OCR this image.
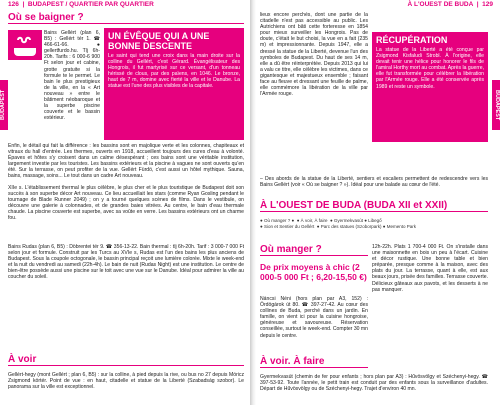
126  |  BUDAPEST / QUARTIER PAR QUARTIER	À L'OUEST DE BUDA  |  129
Où se baigner ?
Bains Gellért (plan 6, B5) : Gellért tér 1. ☎ 466-61-66. ● gellertfurdo.hu. Tlj 6h-20h. Tarifs : 6 000-6 900 Ft selon jour et cabine, grotte gratuite si la formule te le permet. Le bain le plus prestigieux de la ville, en la « Art nouveau » entre le bâtiment néobaroque et la superbe piscine couverte et le bassin extérieur.
UN ÉVÊQUE QUI A UNE BONNE DESCENTE
Le saint qui tend une croix dans la main droite sur la colline du Gellért, c'est Gérard. Évangélisateur des Hongrois, il fut martyrisé sur ce versant, d'un tonneau hérissé de clous, par des païens, en 1046. Le bronze, haut de 7 m, domine avec fierté la ville et le Danube. La statue est l'une des plus visibles de la capitale.
Enfin, le détail qui fait la différence : les bassins sont en majolique verte et les colonnes, chapiteaux et vitraux du hall d'entrée. Les thermes, ouverts en 1918, accueillent toujours des cures d'eau à volonté. Épaves et hôtes s'y croisent dans un calme désespérant ; ces bains sont une véritable institution, largement investie par les touristes. Les bassins extérieurs et la piscine à vagues ne sont ouverts qu'en été. Sur la terrasse, on peut profiter de la vue. Gellért Fürdö, c'est aussi un hôtel mythique. Sauna, bains, massage, soins... Le tout dans un cadre Art nouveau.
XIIe s. L'établissement thermal le plus célèbre, le plus cher et le plus touristique de Budapest doit son succès à son superbe décor Art nouveau. Ce lieu accueillait les stars (comme Ryan Gosling pendant le tournage de Blade Runner 2049) ; on y a tourné quelques scènes de films. Dans le vestibule, on découvre une galerie à colonnades, et de grandes baies vitrées. Au centre, le bain d'eau thermale chaude. La piscine couverte est superbe, avec sa voûte en verre. Les bassins extérieurs ont un charme fou.
Bains Rudas (plan 6, B5) : Döbrentei tér 9. ☎ 356-13-22. Bain thermal : tlj 6h-20h. Tarif : 3 000-7 000 Ft selon jour et formule. Construit par les Turcs au XVIe s, Rudas est l'un des bains les plus anciens de Budapest. Sous la coupole octogonale, le bassin principal reçoit une lumière colorée. Mixte le week-end et la nuit du vendredi au samedi (22h-4h). Le bain de nuit (Rudas Night) est une institution. Le centre de bien-être possède aussi une piscine sur le toit avec une vue sur le Danube. Idéal pour admirer la ville au coucher du soleil.
À voir
Gellért-hegy (mont Gellért ; plan 6, B5) : sur la colline, à pied depuis la rive, ou bus no 27 depuis Móricz Zsigmond körtér. Point de vue : en haut, citadelle et statue de la Liberté (Szabadság szobor). Le panorama sur la ville est exceptionnel.
BUDAPEST
lieux encore perchés, dont une partie de la citadelle n'est pas accessible au public. Les Autrichiens ont bâti cette forteresse en 1854 pour mieux surveiller les Hongrois. Pas de doute, c'était le but choisi, la vue en a fait (235 m) et impressionnante. Depuis 1947, elle a dressé la statue de la Liberté, devenue l'un des symboles de Budapest. Du haut de ses 14 m, elle a dû être réinterprétée. Depuis 2013 qui lui a valu ce titre, elle célèbre les victimes, dans ce gigantesque et majestueux ensemble ; faisant face au fleuve et dressant une feuille de palme, elle commémore la libération de la ville par l'Armée rouge.
RÉCUPÉRATION
La statue de la Liberté a été conçue par Zsigmond Kisfaludi Strobl. À l'origine, elle devait tenir une hélice pour honorer le fils de l'amiral Horthy mort au combat. Après la guerre, elle fut transformée pour célébrer la libération par l'Armée rouge. Elle a été conservée après 1989 et reste un symbole.
– Des abords de la statue de la Liberté, sentiers et escaliers permettent de redescendre vers les Bains Gellért (voir « Où se baigner ? »). Idéal pour une balade au cœur de l'été.
À L'OUEST DE BUDA (BUDA XII et XXII)
● Où manger ? ● ● À voir, À faire ● Gyermekvasút ● Libegő
● Sion et Sentier du Gellért ● Parc des statues (Szoborpark) ● Memento Park
Où manger ?
De prix moyens à chic (2 000-5 000 Ft ; 6,20-15,50 €)
Náncsi Néni (hors plan par A3, 152) : Ördögárok út 80. ☎ 397-27-42. Au cœur des collines de Buda, perché dans un jardin. En famille, on vient ici pour la cuisine hongroise, généreuse et savoureuse. Réservation conseillée, surtout le week-end. Compter 30 mn depuis le centre.
12h-22h. Plats 1 700-4 000 Ft. On s'installe dans une maisonnette en bois un peu à l'écart. Cuisine et décor rustique. Une bonne table et bien préparée, presque comme à la maison, avec des plats du jour. La terrasse, quant à elle, est aux beaux jours, prisée des familles. Terrasse couverte. Délicieux gâteaux aux pavots, et les desserts à ne pas manquer.
À voir. À faire
Gyermekvasút (chemin de fer pour enfants ; hors plan par A3) : Hűvösvölgy et Széchenyi-hegy. ☎ 397-53-92. Toute l'année, le petit train est conduit par des enfants sous la surveillance d'adultes. Départ de Hűvösvölgy ou de Széchenyi-hegy. Trajet d'environ 40 mn.
BUDAPEST
